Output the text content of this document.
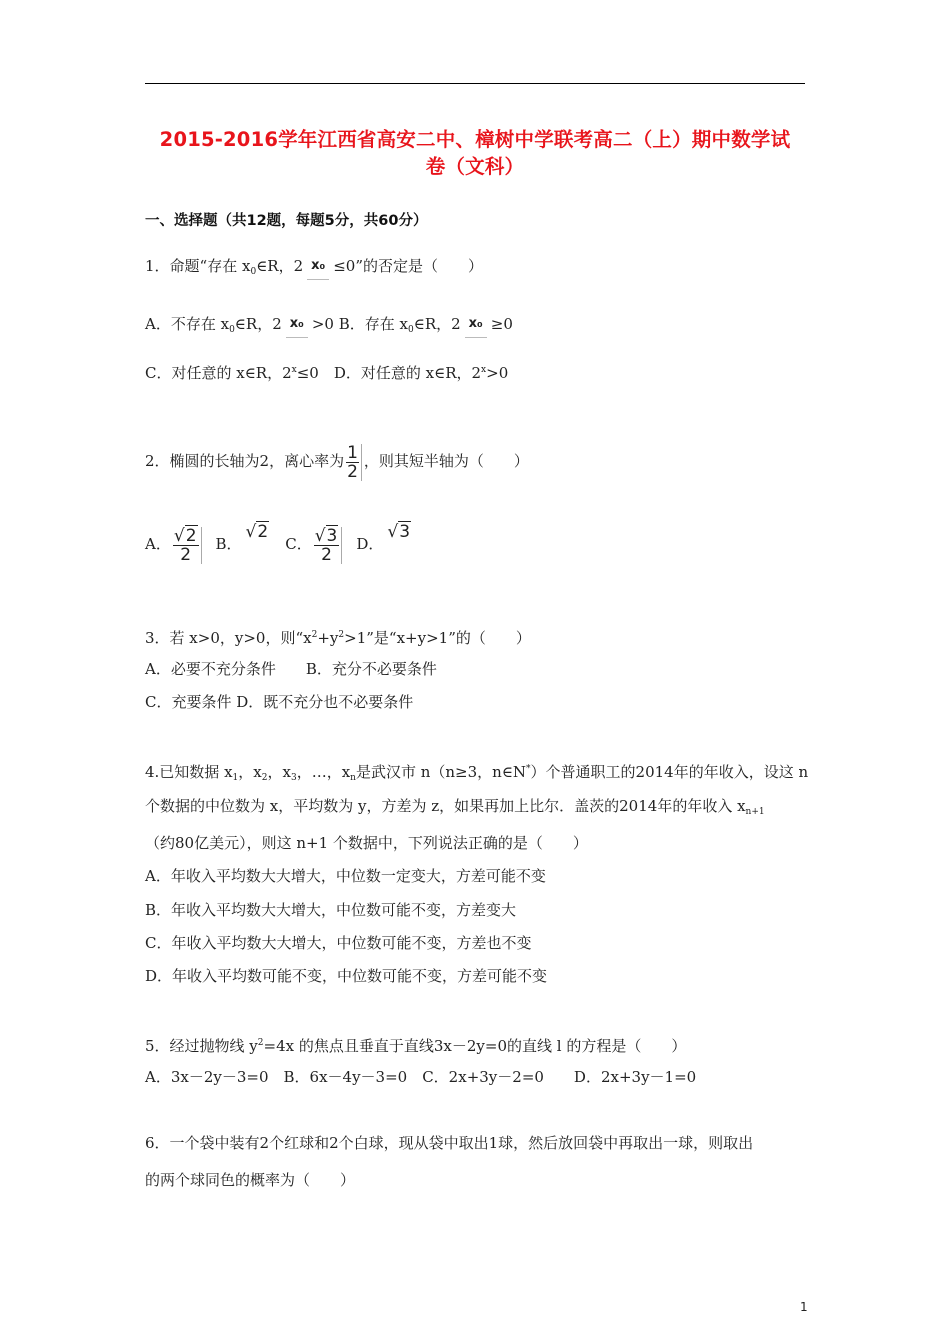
2015-2016学年江西省高安二中、樟树中学联考高二（上）期中数学试
卷（文科）
一、选择题（共12题，每题5分，共60分）
1．命题“存在 $x_0\in R$，2 x₀ ≤0”的否定是（　　）
A．不存在 $x_0\in R$，2 x₀ >0 B．存在 $x_0\in R$，2 x₀ ≥0
C．对任意的 x∈R，$2^x\le 0$　D．对任意的 x∈R，$2^x>0$
2．椭圆的长轴为2，离心率为 $\frac{1}{2}$ ，则其短半轴为（　　）
A． $\frac{√2}{2}$ B．√2C． $\frac{√3}{2}$ D．√3
3．若 x>0，y>0，则“$x^2+y^2>1$”是“x+y>1”的（　　）
A．必要不充分条件　　B．充分不必要条件
C．充要条件 D．既不充分也不必要条件
4.已知数据 $x_1$，$x_2$，$x_3$，…，$x_n$是武汉市 n（n≥3，n∈N*）个普通职工的2014年的年收入，设这 n
个数据的中位数为 x，平均数为 y，方差为 z，如果再加上比尔．盖茨的2014年的年收入 $x_{n+1}$
（约80亿美元），则这 n+1 个数据中，下列说法正确的是（　　）
A．年收入平均数大大增大，中位数一定变大，方差可能不变
B．年收入平均数大大增大，中位数可能不变，方差变大
C．年收入平均数大大增大，中位数可能不变，方差也不变
D．年收入平均数可能不变，中位数可能不变，方差可能不变
5．经过抛物线 $y^2=4x$ 的焦点且垂直于直线3x－2y=0的直线 l 的方程是（　　）
A．3x－2y－3=0　B．6x－4y－3=0　C．2x+3y－2=0　　D．2x+3y－1=0
6．一个袋中装有2个红球和2个白球，现从袋中取出1球，然后放回袋中再取出一球，则取出
的两个球同色的概率为（　　）
1
